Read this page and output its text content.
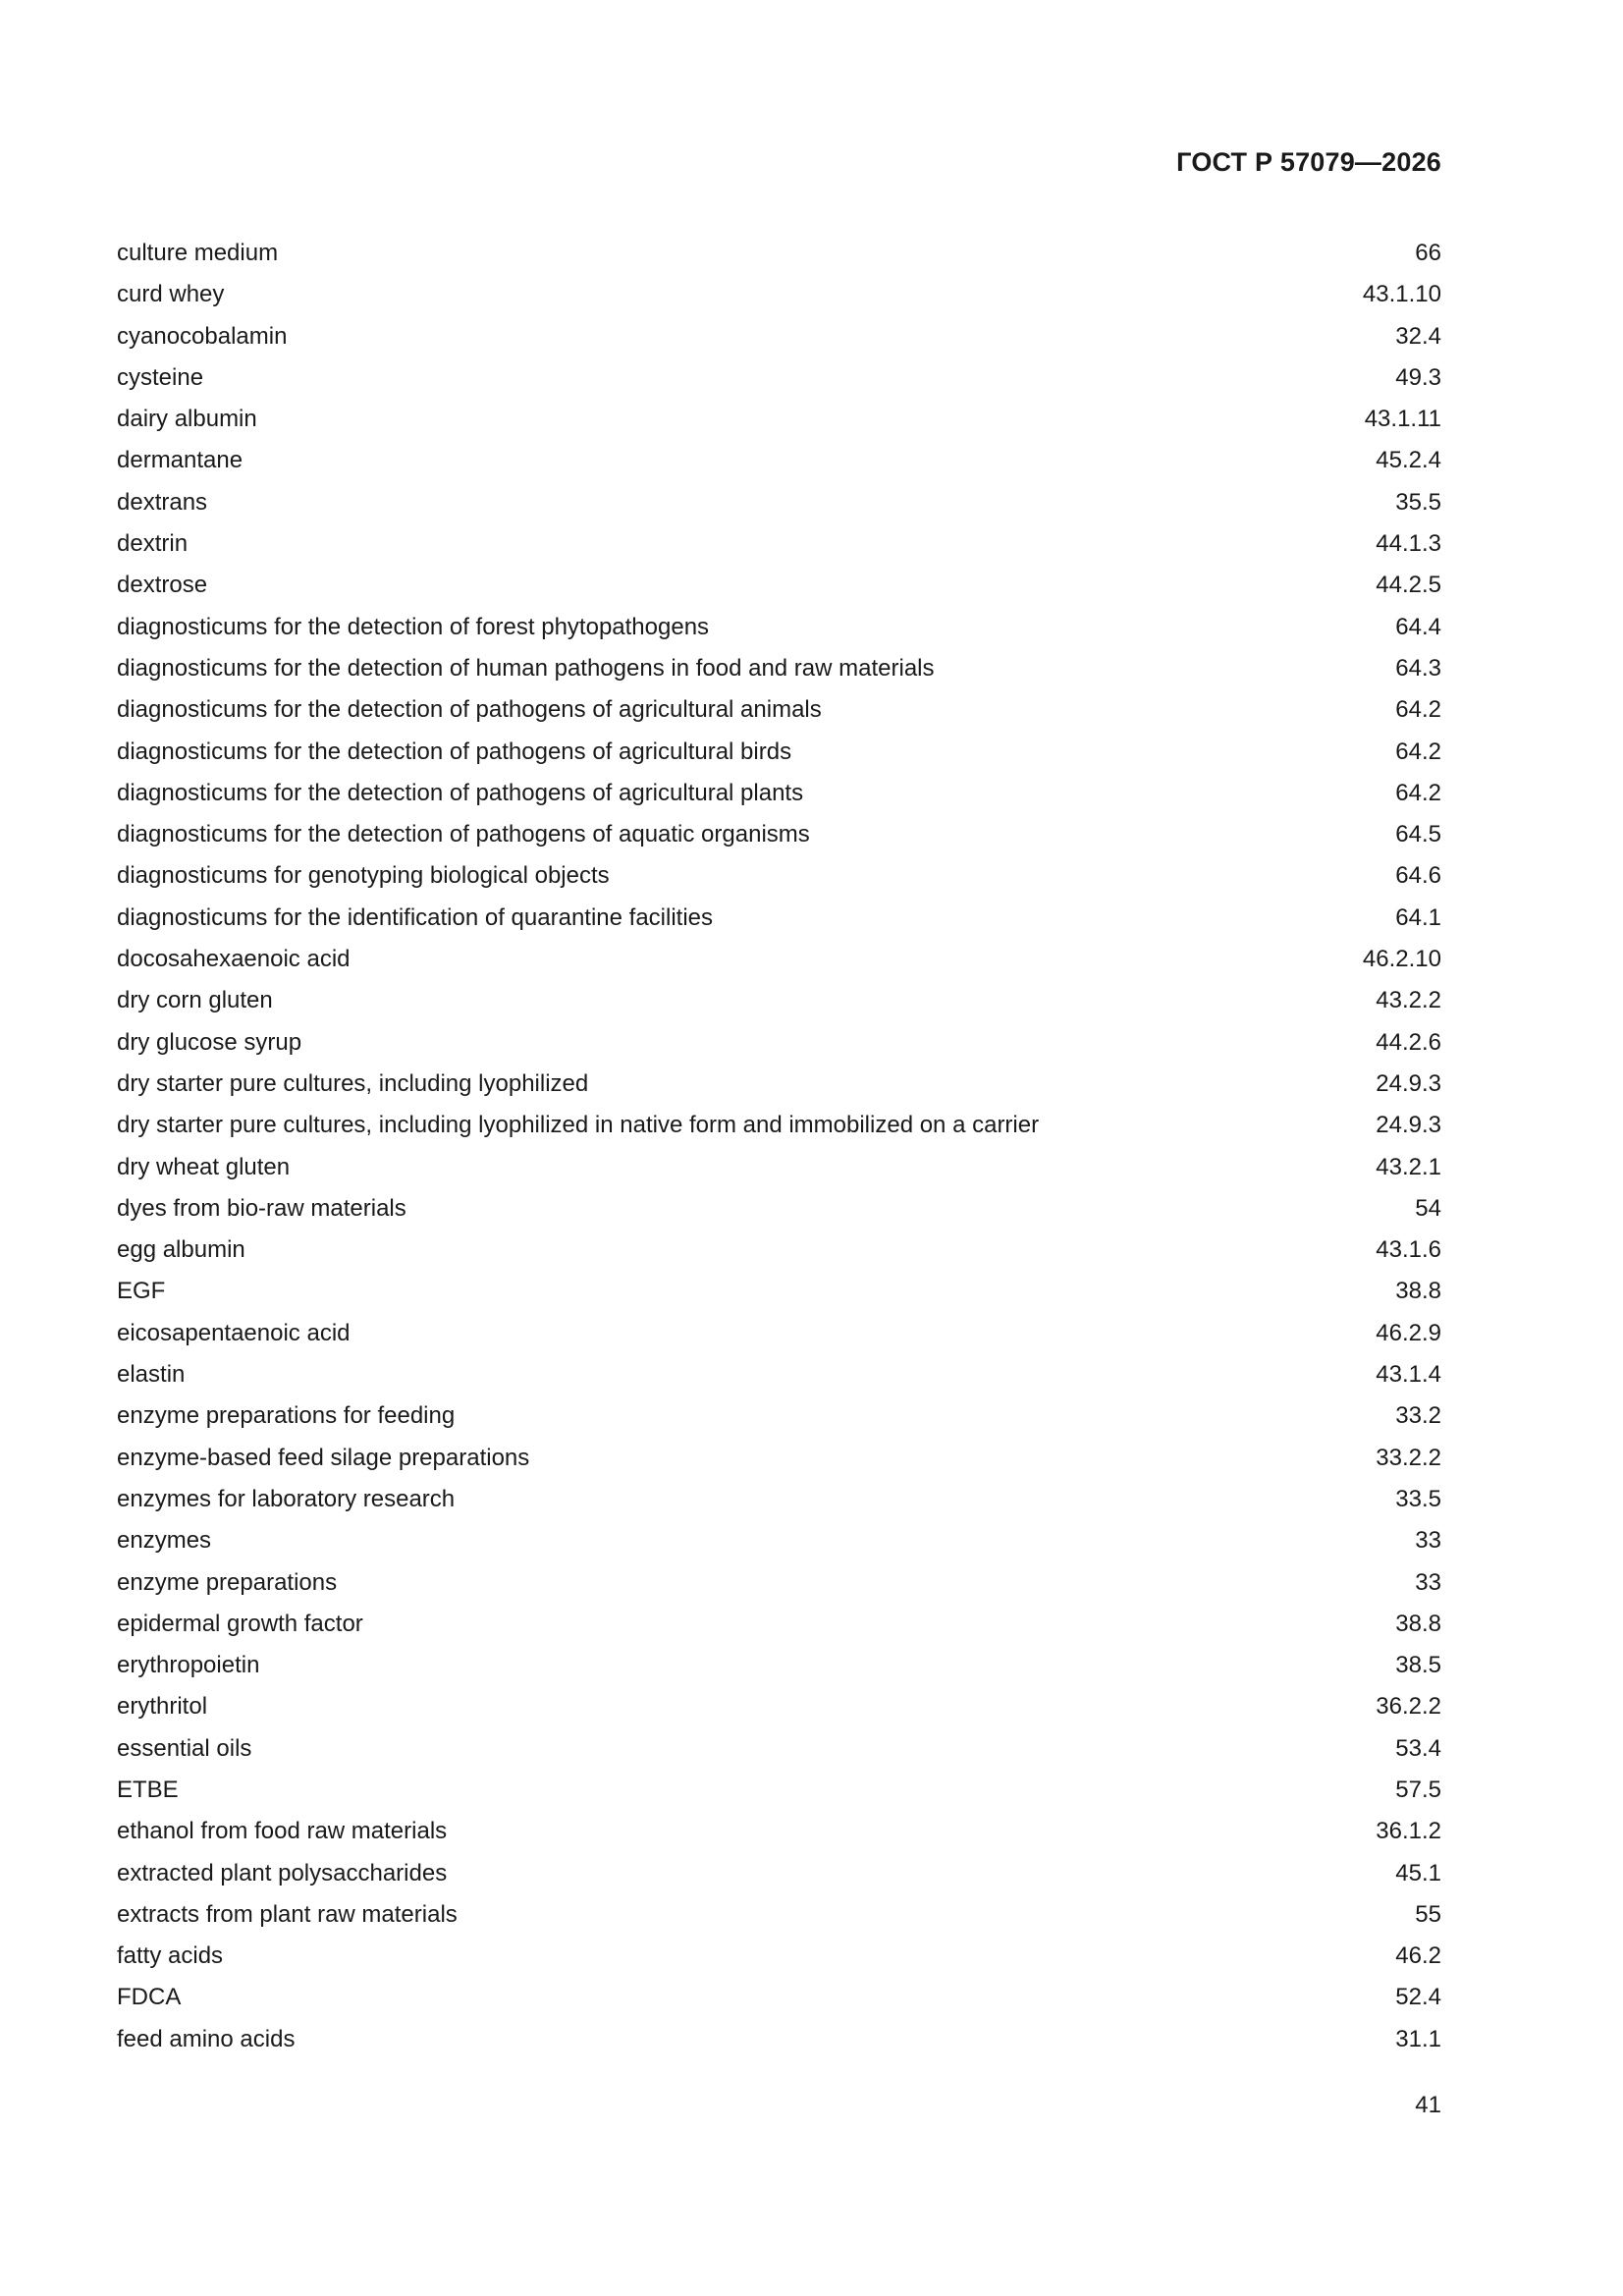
ГОСТ Р 57079—2026
culture medium	66
curd whey	43.1.10
cyanocobalamin	32.4
cysteine	49.3
dairy albumin	43.1.11
dermantane	45.2.4
dextrans	35.5
dextrin	44.1.3
dextrose	44.2.5
diagnosticums for the detection of forest phytopathogens	64.4
diagnosticums for the detection of human pathogens in food and raw materials	64.3
diagnosticums for the detection of pathogens of agricultural animals	64.2
diagnosticums for the detection of pathogens of agricultural birds	64.2
diagnosticums for the detection of pathogens of agricultural plants	64.2
diagnosticums for the detection of pathogens of aquatic organisms	64.5
diagnosticums for genotyping biological objects	64.6
diagnosticums for the identification of quarantine facilities	64.1
docosahexaenoic acid	46.2.10
dry corn gluten	43.2.2
dry glucose syrup	44.2.6
dry starter pure cultures, including lyophilized	24.9.3
dry starter pure cultures, including lyophilized in native form and immobilized on a carrier	24.9.3
dry wheat gluten	43.2.1
dyes from bio-raw materials	54
egg albumin	43.1.6
EGF	38.8
eicosapentaenoic acid	46.2.9
elastin	43.1.4
enzyme preparations for feeding	33.2
enzyme-based feed silage preparations	33.2.2
enzymes for laboratory research	33.5
enzymes	33
enzyme preparations	33
epidermal growth factor	38.8
erythropoietin	38.5
erythritol	36.2.2
essential oils	53.4
ETBE	57.5
ethanol from food raw materials	36.1.2
extracted plant polysaccharides	45.1
extracts from plant raw materials	55
fatty acids	46.2
FDCA	52.4
feed amino acids	31.1
41
